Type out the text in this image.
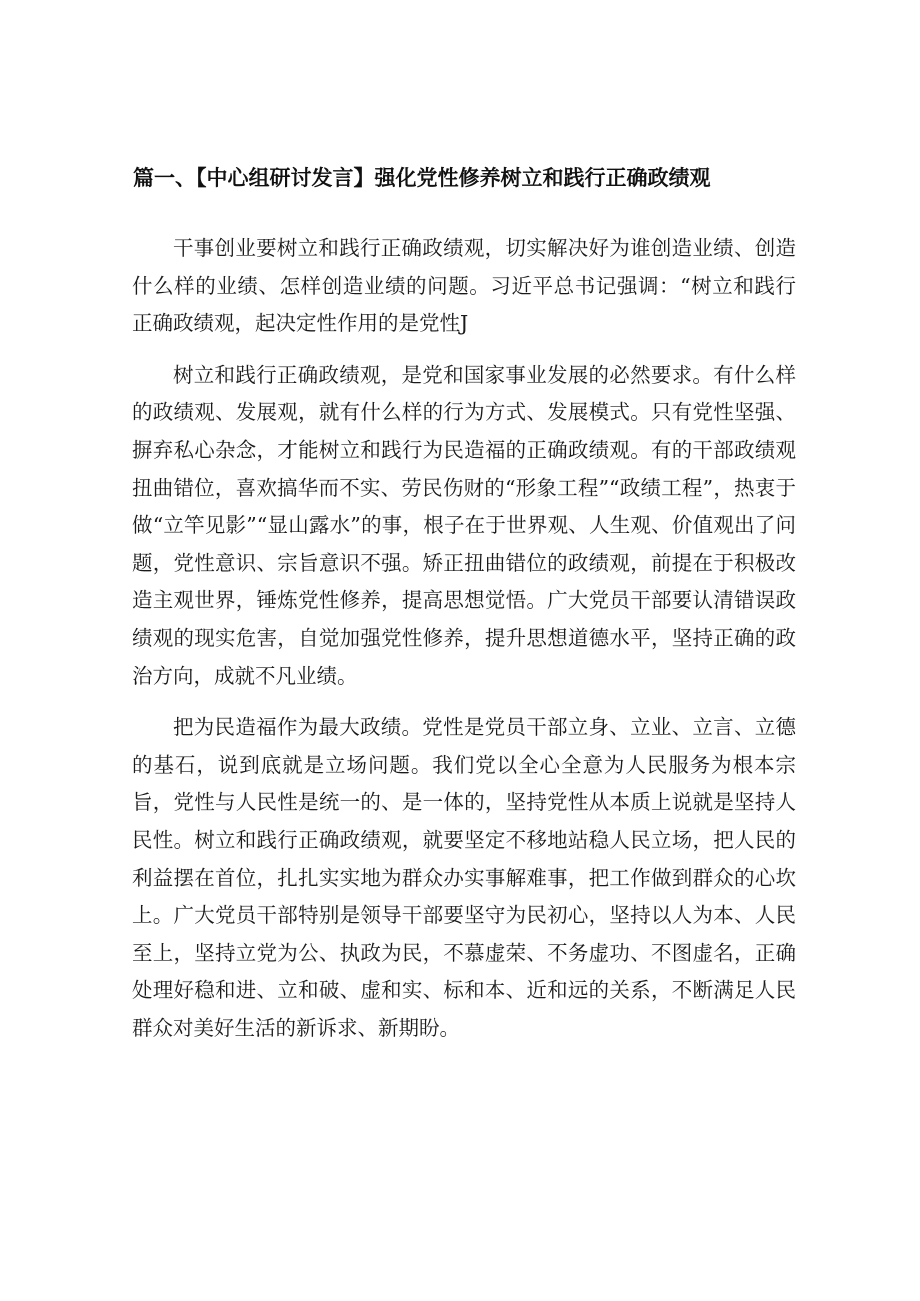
篇一、【中心组研讨发言】强化党性修养树立和践行正确政绩观

干事创业要树立和践行正确政绩观，切实解决好为谁创造业绩、创造什么样的业绩、怎样创造业绩的问题。习近平总书记强调：“树立和践行正确政绩观，起决定性作用的是党性J

树立和践行正确政绩观，是党和国家事业发展的必然要求。有什么样的政绩观、发展观，就有什么样的行为方式、发展模式。只有党性坚强、摒弃私心杂念，才能树立和践行为民造福的正确政绩观。有的干部政绩观扭曲错位，喜欢搞华而不实、劳民伤财的“形象工程”“政绩工程”，热衷于做“立竿见影”“显山露水”的事，根子在于世界观、人生观、价值观出了问题，党性意识、宗旨意识不强。矫正扭曲错位的政绩观，前提在于积极改造主观世界，锤炼党性修养，提高思想觉悟。广大党员干部要认清错误政绩观的现实危害，自觉加强党性修养，提升思想道德水平，坚持正确的政治方向，成就不凡业绩。

把为民造福作为最大政绩。党性是党员干部立身、立业、立言、立德的基石，说到底就是立场问题。我们党以全心全意为人民服务为根本宗旨，党性与人民性是统一的、是一体的，坚持党性从本质上说就是坚持人民性。树立和践行正确政绩观，就要坚定不移地站稳人民立场，把人民的利益摆在首位，扎扎实实地为群众办实事解难事，把工作做到群众的心坎上。广大党员干部特别是领导干部要坚守为民初心，坚持以人为本、人民至上，坚持立党为公、执政为民，不慕虚荣、不务虚功、不图虚名，正确处理好稳和进、立和破、虚和实、标和本、近和远的关系，不断满足人民群众对美好生活的新诉求、新期盼。
